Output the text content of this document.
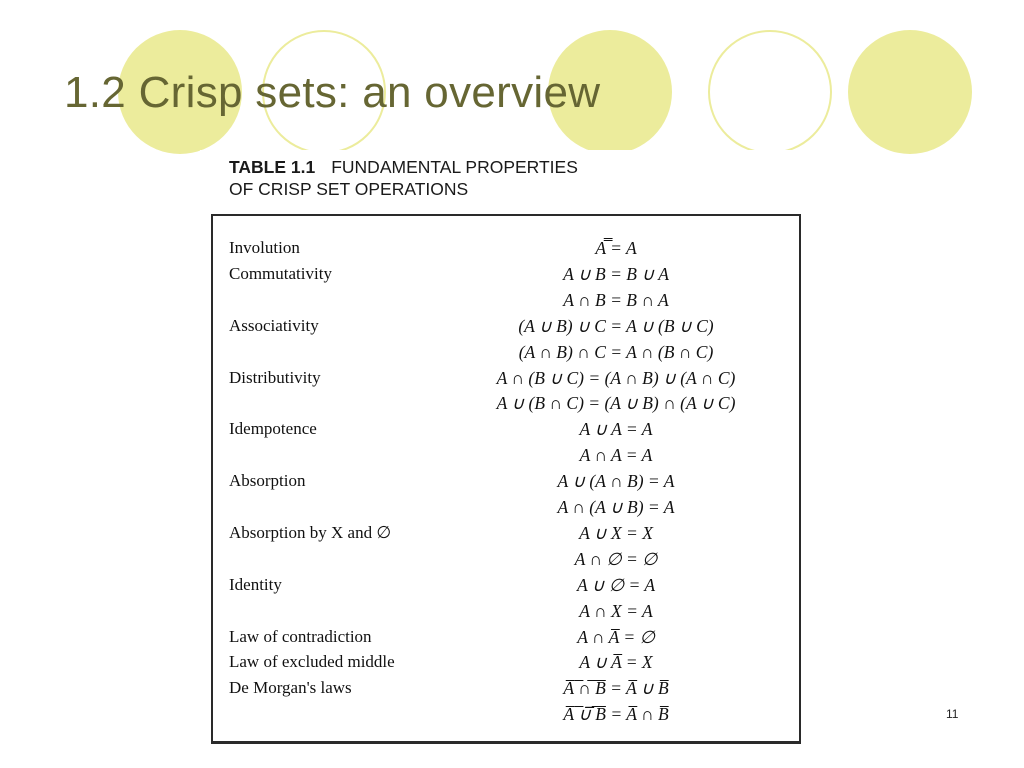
1.2 Crisp sets: an overview
TABLE 1.1 FUNDAMENTAL PROPERTIES
OF CRISP SET OPERATIONS
Involution	A̿ = A
Commutativity	A ∪ B = B ∪ A
A ∩ B = B ∩ A
Associativity	(A ∪ B) ∪ C = A ∪ (B ∪ C)
(A ∩ B) ∩ C = A ∩ (B ∩ C)
Distributivity	A ∩ (B ∪ C) = (A ∩ B) ∪ (A ∩ C)
A ∪ (B ∩ C) = (A ∪ B) ∩ (A ∪ C)
Idempotence	A ∪ A = A
A ∩ A = A
Absorption	A ∪ (A ∩ B) = A
A ∩ (A ∪ B) = A
Absorption by X and ∅	A ∪ X = X
A ∩ ∅ = ∅
Identity	A ∪ ∅ = A
A ∩ X = A
Law of contradiction	A ∩ A̅ = ∅
Law of excluded middle	A ∪ A̅ = X
De Morgan's laws	A̅ ̅∩̅ ̅B̅ = A̅ ∪ B̅
A̅ ̅∪̅ ̅B̅ = A̅ ∩ B̅	11
